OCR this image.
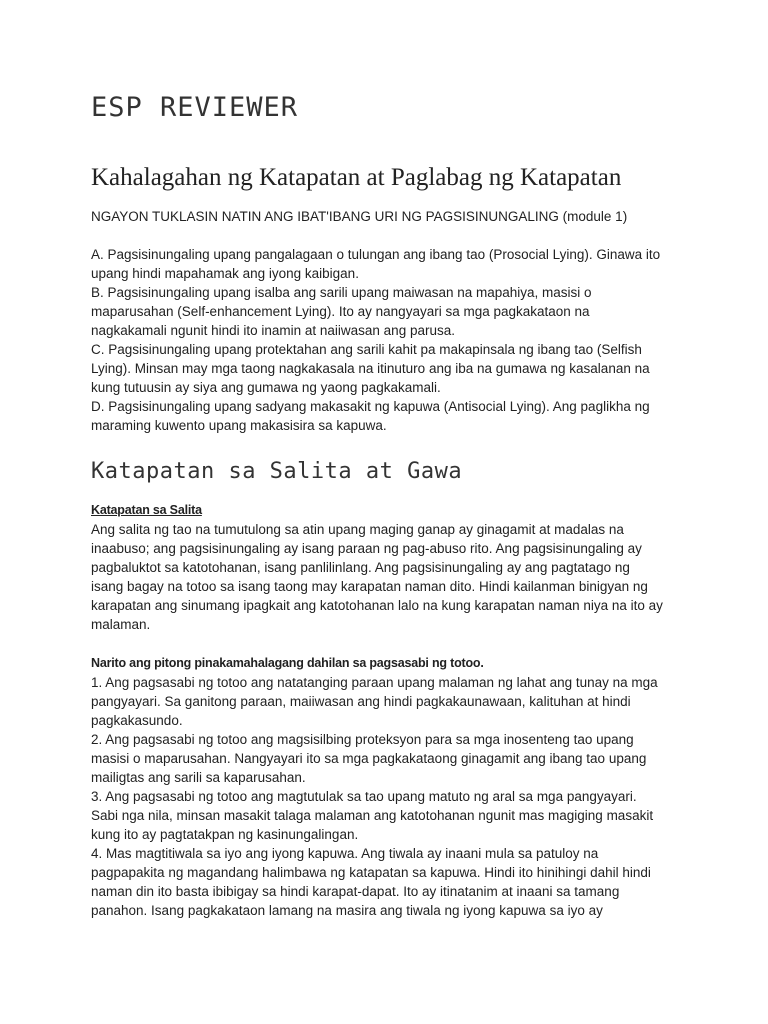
ESP REVIEWER
Kahalagahan ng Katapatan at Paglabag ng Katapatan

NGAYON TUKLASIN NATIN ANG IBAT'IBANG URI NG PAGSISINUNGALING (module 1)

A. Pagsisinungaling upang pangalagaan o tulungan ang ibang tao (Prosocial Lying). Ginawa ito
upang hindi mapahamak ang iyong kaibigan.
B. Pagsisinungaling upang isalba ang sarili upang maiwasan na mapahiya, masisi o
maparusahan (Self-enhancement Lying). Ito ay nangyayari sa mga pagkakataon na
nagkakamali ngunit hindi ito inamin at naiiwasan ang parusa.
C. Pagsisinungaling upang protektahan ang sarili kahit pa makapinsala ng ibang tao (Selfish
Lying). Minsan may mga taong nagkakasala na itinuturo ang iba na gumawa ng kasalanan na
kung tutuusin ay siya ang gumawa ng yaong pagkakamali.
D. Pagsisinungaling upang sadyang makasakit ng kapuwa (Antisocial Lying). Ang paglikha ng
maraming kuwento upang makasisira sa kapuwa.
Katapatan sa Salita at Gawa
Katapatan sa Salita
Ang salita ng tao na tumutulong sa atin upang maging ganap ay ginagamit at madalas na
inaabuso; ang pagsisinungaling ay isang paraan ng pag-abuso rito. Ang pagsisinungaling ay
pagbaluktot sa katotohanan, isang panlilinlang. Ang pagsisinungaling ay ang pagtatago ng
isang bagay na totoo sa isang taong may karapatan naman dito. Hindi kailanman binigyan ng
karapatan ang sinumang ipagkait ang katotohanan lalo na kung karapatan naman niya na ito ay
malaman.
Narito ang pitong pinakamahalagang dahilan sa pagsasabi ng totoo.
1. Ang pagsasabi ng totoo ang natatanging paraan upang malaman ng lahat ang tunay na mga
pangyayari. Sa ganitong paraan, maiiwasan ang hindi pagkakaunawaan, kalituhan at hindi
pagkakasundo.
2. Ang pagsasabi ng totoo ang magsisilbing proteksyon para sa mga inosenteng tao upang
masisi o maparusahan. Nangyayari ito sa mga pagkakataong ginagamit ang ibang tao upang
mailigtas ang sarili sa kaparusahan.
3. Ang pagsasabi ng totoo ang magtutulak sa tao upang matuto ng aral sa mga pangyayari.
Sabi nga nila, minsan masakit talaga malaman ang katotohanan ngunit mas magiging masakit
kung ito ay pagtatakpan ng kasinungalingan.
4. Mas magtitiwala sa iyo ang iyong kapuwa. Ang tiwala ay inaani mula sa patuloy na
pagpapakita ng magandang halimbawa ng katapatan sa kapuwa. Hindi ito hinihingi dahil hindi
naman din ito basta ibibigay sa hindi karapat-dapat. Ito ay itinatanim at inaani sa tamang
panahon. Isang pagkakataon lamang na masira ang tiwala ng iyong kapuwa sa iyo ay
